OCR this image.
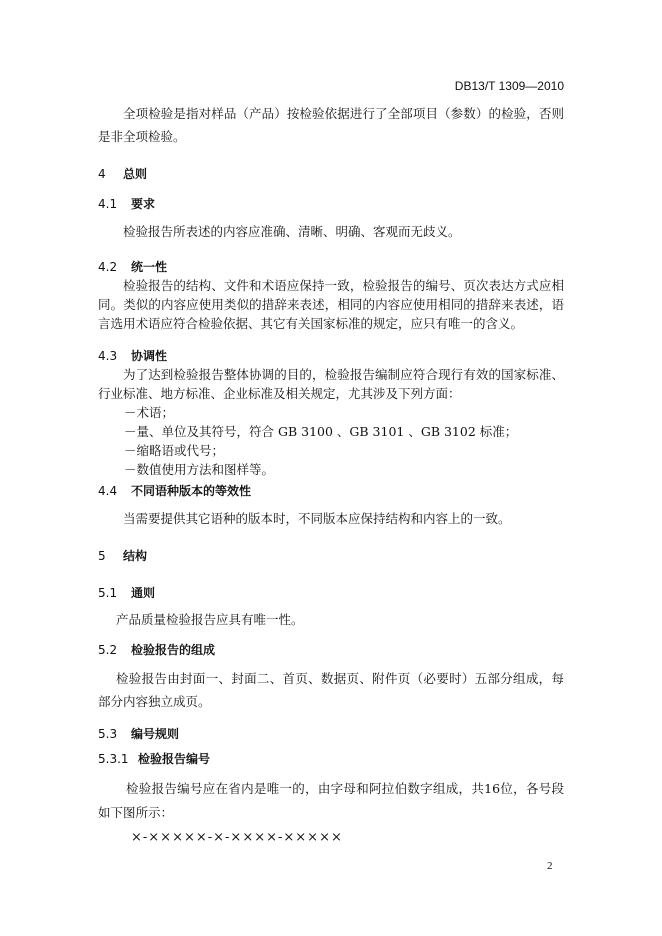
DB13/T 1309—2010
全项检验是指对样品（产品）按检验依据进行了全部项目（参数）的检验，否则是非全项检验。
4 总则
4.1 要求
检验报告所表述的内容应准确、清晰、明确、客观而无歧义。
4.2 统一性
检验报告的结构、文件和术语应保持一致，检验报告的编号、页次表达方式应相同。类似的内容应使用类似的措辞来表述，相同的内容应使用相同的措辞来表述，语言选用术语应符合检验依据、其它有关国家标准的规定，应只有唯一的含义。
4.3 协调性
为了达到检验报告整体协调的目的，检验报告编制应符合现行有效的国家标准、行业标准、地方标准、企业标准及相关规定，尤其涉及下列方面：
－术语；
－量、单位及其符号，符合 GB 3100 、GB 3101 、GB 3102 标准；
－缩略语或代号；
－数值使用方法和图样等。
4.4 不同语种版本的等效性
当需要提供其它语种的版本时，不同版本应保持结构和内容上的一致。
5 结构
5.1 通则
产品质量检验报告应具有唯一性。
5.2 检验报告的组成
检验报告由封面一、封面二、首页、数据页、附件页（必要时）五部分组成，每部分内容独立成页。
5.3 编号规则
5.3.1 检验报告编号
检验报告编号应在省内是唯一的，由字母和阿拉伯数字组成，共16位，各号段如下图所示：
×-×××××-×-××××-×××××
2
